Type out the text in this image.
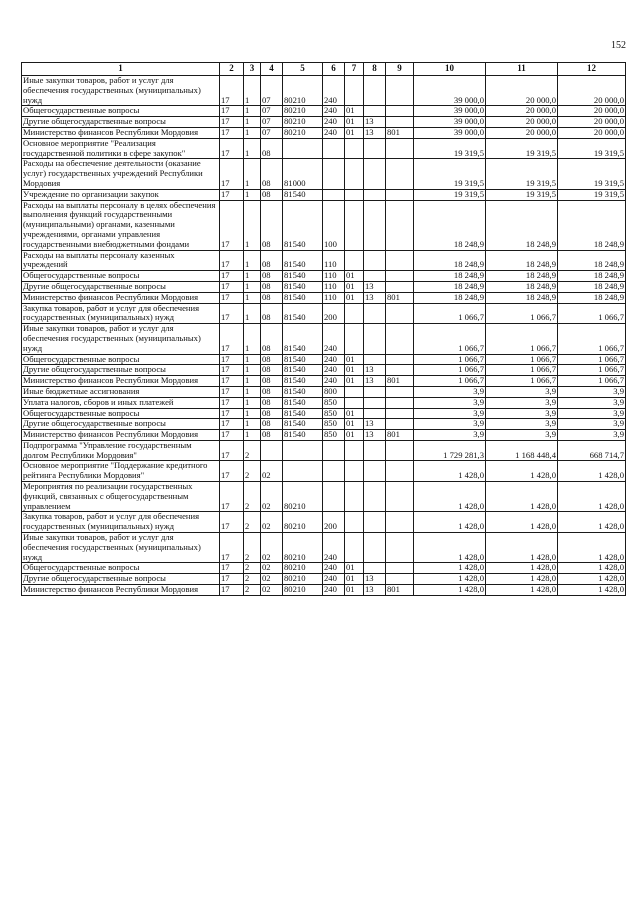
152
1	2	3	4	5	6	7	8	9	10	11	12
Иные закупки товаров, работ и услуг для обеспечения государственных (муниципальных) нужд	17	1	07	80210	240				39 000,0	20 000,0	20 000,0
Общегосударственные вопросы	17	1	07	80210	240	01			39 000,0	20 000,0	20 000,0
Другие общегосударственные вопросы	17	1	07	80210	240	01	13		39 000,0	20 000,0	20 000,0
Министерство финансов Республики Мордовия	17	1	07	80210	240	01	13	801	39 000,0	20 000,0	20 000,0
Основное мероприятие "Реализация государственной политики в сфере закупок"	17	1	08						19 319,5	19 319,5	19 319,5
Расходы на обеспечение деятельности (оказание услуг) государственных учреждений Республики Мордовия	17	1	08	81000					19 319,5	19 319,5	19 319,5
Учреждение по организации закупок	17	1	08	81540					19 319,5	19 319,5	19 319,5
Расходы на выплаты персоналу в целях обеспечения выполнения функций государственными (муниципальными) органами, казенными учреждениями, органами управления государственными внебюджетными фондами	17	1	08	81540	100				18 248,9	18 248,9	18 248,9
Расходы на выплаты персоналу казенных учреждений	17	1	08	81540	110				18 248,9	18 248,9	18 248,9
Общегосударственные вопросы	17	1	08	81540	110	01			18 248,9	18 248,9	18 248,9
Другие общегосударственные вопросы	17	1	08	81540	110	01	13		18 248,9	18 248,9	18 248,9
Министерство финансов Республики Мордовия	17	1	08	81540	110	01	13	801	18 248,9	18 248,9	18 248,9
Закупка товаров, работ и услуг для обеспечения государственных (муниципальных) нужд	17	1	08	81540	200				1 066,7	1 066,7	1 066,7
Иные закупки товаров, работ и услуг для обеспечения государственных (муниципальных) нужд	17	1	08	81540	240				1 066,7	1 066,7	1 066,7
Общегосударственные вопросы	17	1	08	81540	240	01			1 066,7	1 066,7	1 066,7
Другие общегосударственные вопросы	17	1	08	81540	240	01	13		1 066,7	1 066,7	1 066,7
Министерство финансов Республики Мордовия	17	1	08	81540	240	01	13	801	1 066,7	1 066,7	1 066,7
Иные бюджетные ассигнования	17	1	08	81540	800				3,9	3,9	3,9
Уплата налогов, сборов и иных платежей	17	1	08	81540	850				3,9	3,9	3,9
Общегосударственные вопросы	17	1	08	81540	850	01			3,9	3,9	3,9
Другие общегосударственные вопросы	17	1	08	81540	850	01	13		3,9	3,9	3,9
Министерство финансов Республики Мордовия	17	1	08	81540	850	01	13	801	3,9	3,9	3,9
Подпрограмма "Управление государственным долгом Республики Мордовия"	17	2							1 729 281,3	1 168 448,4	668 714,7
Основное мероприятие "Поддержание кредитного рейтинга Республики Мордовия"	17	2	02						1 428,0	1 428,0	1 428,0
Мероприятия по реализации государственных функций, связанных с общегосударственным управлением	17	2	02	80210					1 428,0	1 428,0	1 428,0
Закупка товаров, работ и услуг для обеспечения государственных (муниципальных) нужд	17	2	02	80210	200				1 428,0	1 428,0	1 428,0
Иные закупки товаров, работ и услуг для обеспечения государственных (муниципальных) нужд	17	2	02	80210	240				1 428,0	1 428,0	1 428,0
Общегосударственные вопросы	17	2	02	80210	240	01			1 428,0	1 428,0	1 428,0
Другие общегосударственные вопросы	17	2	02	80210	240	01	13		1 428,0	1 428,0	1 428,0
Министерство финансов Республики Мордовия	17	2	02	80210	240	01	13	801	1 428,0	1 428,0	1 428,0
